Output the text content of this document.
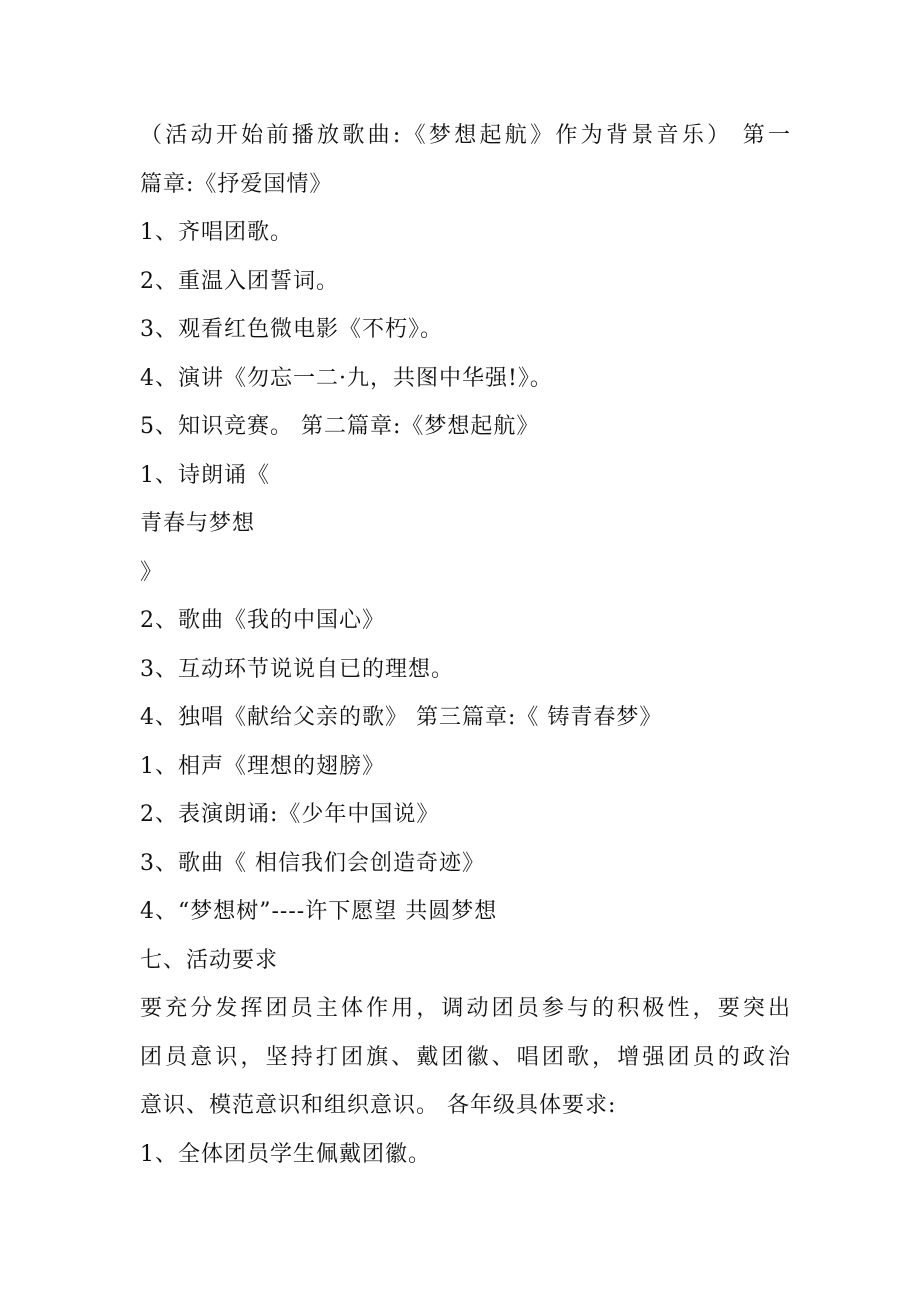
（活动开始前播放歌曲:《梦想起航》作为背景音乐） 第一
篇章:《抒爱国情》
1、齐唱团歌。
2、重温入团誓词。
3、观看红色微电影《不朽》。
4、演讲《勿忘一二·九，共图中华强!》。
5、知识竞赛。 第二篇章:《梦想起航》
1、诗朗诵《
青春与梦想
》
2、歌曲《我的中国心》
3、互动环节说说自已的理想。
4、独唱《献给父亲的歌》 第三篇章:《 铸青春梦》
1、相声《理想的翅膀》
2、表演朗诵:《少年中国说》
3、歌曲《 相信我们会创造奇迹》
4、“梦想树”----许下愿望 共圆梦想
七、活动要求
要充分发挥团员主体作用，调动团员参与的积极性，要突出
团员意识，坚持打团旗、戴团徽、唱团歌，增强团员的政治
意识、模范意识和组织意识。 各年级具体要求:
1、全体团员学生佩戴团徽。
